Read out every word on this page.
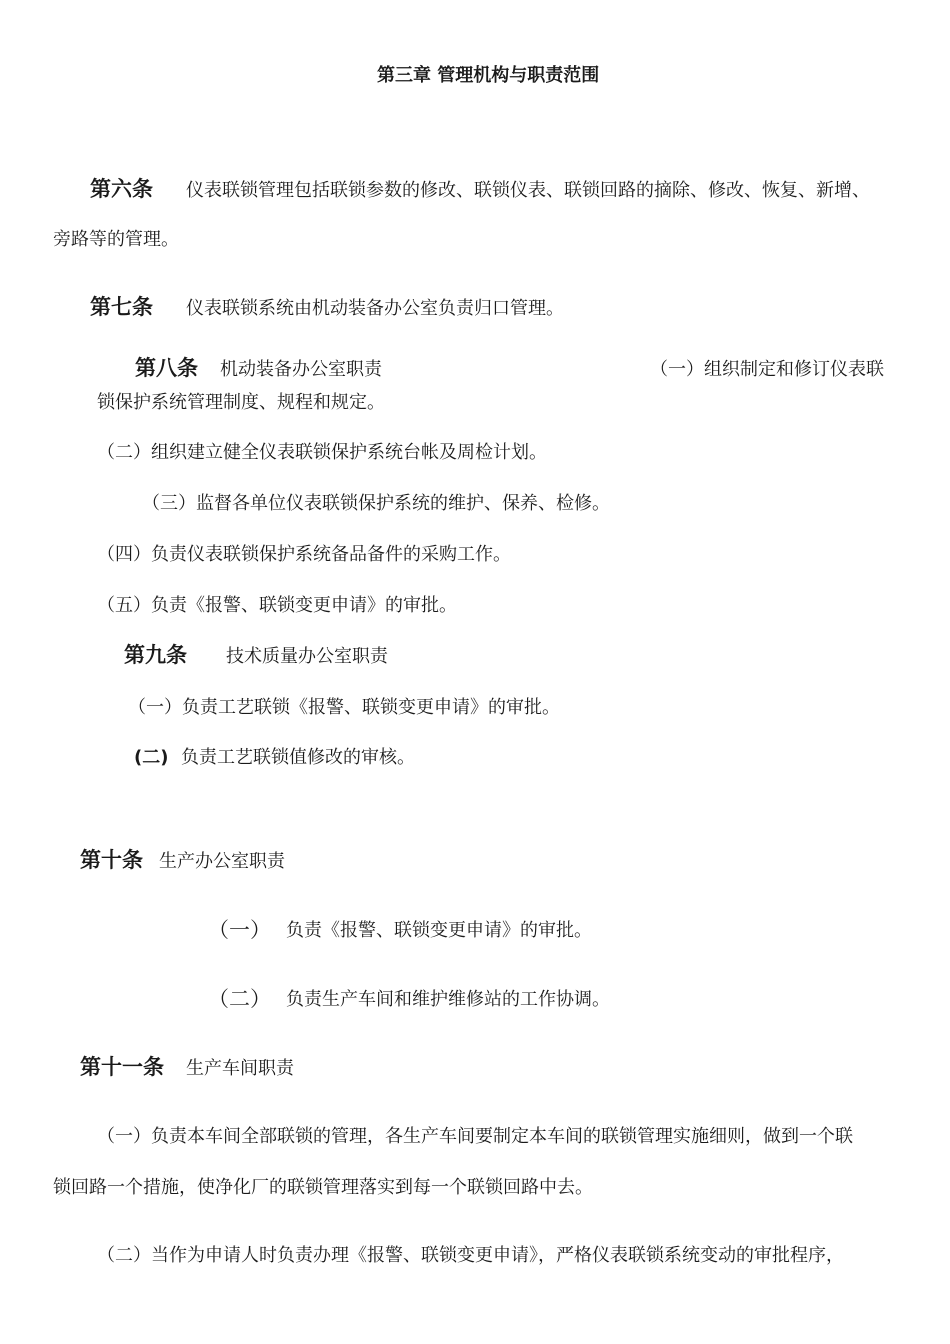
第三章 管理机构与职责范围
第六条 仪表联锁管理包括联锁参数的修改、联锁仪表、联锁回路的摘除、修改、恢复、新增、
旁路等的管理。
第七条 仪表联锁系统由机动装备办公室负责归口管理。
第八条 机动装备办公室职责	（一）组织制定和修订仪表联
锁保护系统管理制度、规程和规定。
（二）组织建立健全仪表联锁保护系统台帐及周检计划。
（三）监督各单位仪表联锁保护系统的维护、保养、检修。
（四）负责仪表联锁保护系统备品备件的采购工作。
（五）负责《报警、联锁变更申请》的审批。
第九条 技术质量办公室职责
（一）负责工艺联锁《报警、联锁变更申请》的审批。
(二) 负责工艺联锁值修改的审核。
第十条 生产办公室职责
（一） 负责《报警、联锁变更申请》的审批。
（二） 负责生产车间和维护维修站的工作协调。
第十一条 生产车间职责
（一）负责本车间全部联锁的管理，各生产车间要制定本车间的联锁管理实施细则，做到一个联
锁回路一个措施，使净化厂的联锁管理落实到每一个联锁回路中去。
（二）当作为申请人时负责办理《报警、联锁变更申请》，严格仪表联锁系统变动的审批程序，
